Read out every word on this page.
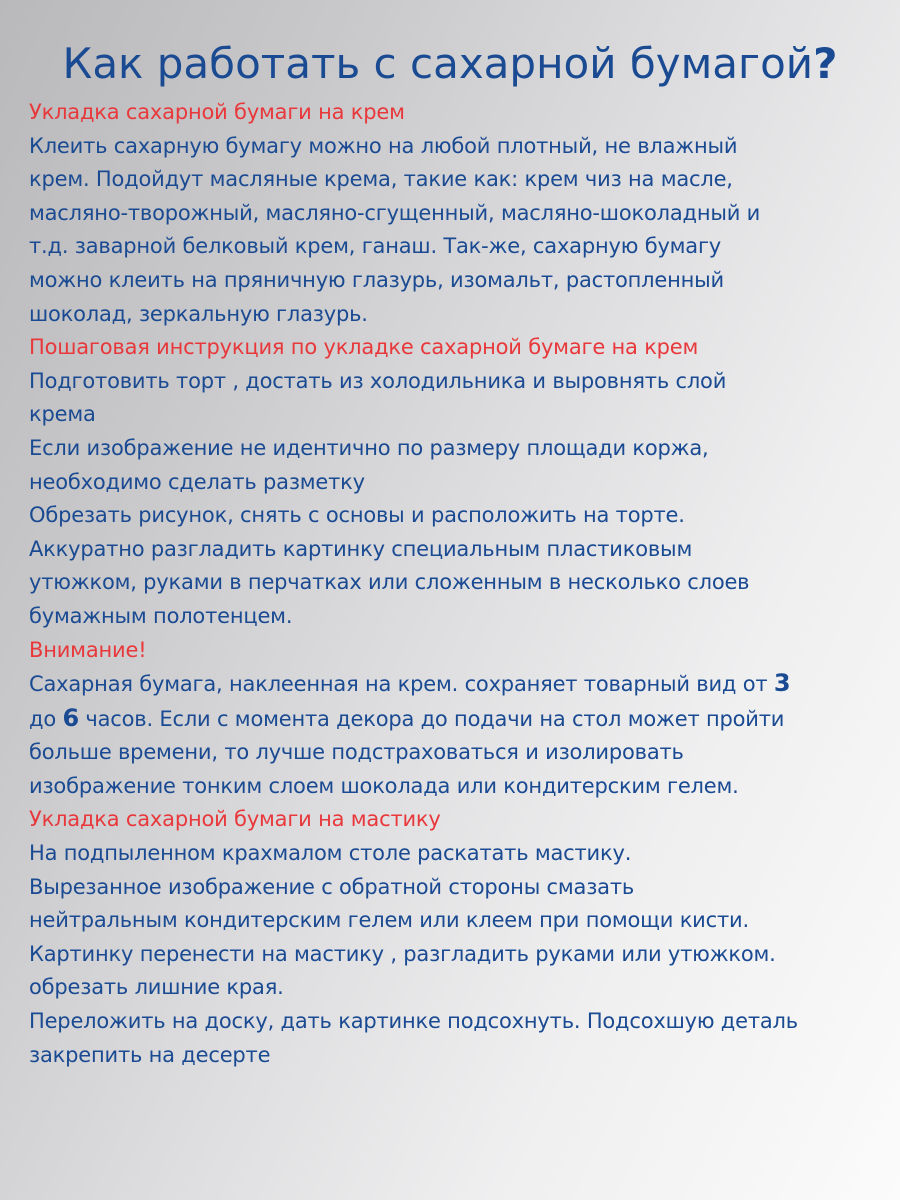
Как работать с сахарной бумагой?
Укладка сахарной бумаги на крем
Клеить сахарную бумагу можно на любой плотный, не влажный
крем. Подойдут масляные крема, такие как: крем чиз на масле,
масляно-творожный, масляно-сгущенный, масляно-шоколадный и
т.д. заварной белковый крем, ганаш. Так-же, сахарную бумагу
можно клеить на пряничную глазурь, изомальт, растопленный
шоколад, зеркальную глазурь.
Пошаговая инструкция по укладке сахарной бумаге на крем
Подготовить торт , достать из холодильника и выровнять слой
крема
Если изображение не идентично по размеру площади коржа,
необходимо сделать разметку
Обрезать рисунок, снять с основы и расположить на торте.
Аккуратно разгладить картинку специальным пластиковым
утюжком, руками в перчатках или сложенным в несколько слоев
бумажным полотенцем.
Внимание!
Сахарная бумага, наклеенная на крем. сохраняет товарный вид от 3
до 6 часов. Если с момента декора до подачи на стол может пройти
больше времени, то лучше подстраховаться и изолировать
изображение тонким слоем шоколада или кондитерским гелем.
Укладка сахарной бумаги на мастику
На подпыленном крахмалом столе раскатать мастику.
Вырезанное изображение с обратной стороны смазать
нейтральным кондитерским гелем или клеем при помощи кисти.
Картинку перенести на мастику , разгладить руками или утюжком.
обрезать лишние края.
Переложить на доску, дать картинке подсохнуть. Подсохшую деталь
закрепить на десерте
